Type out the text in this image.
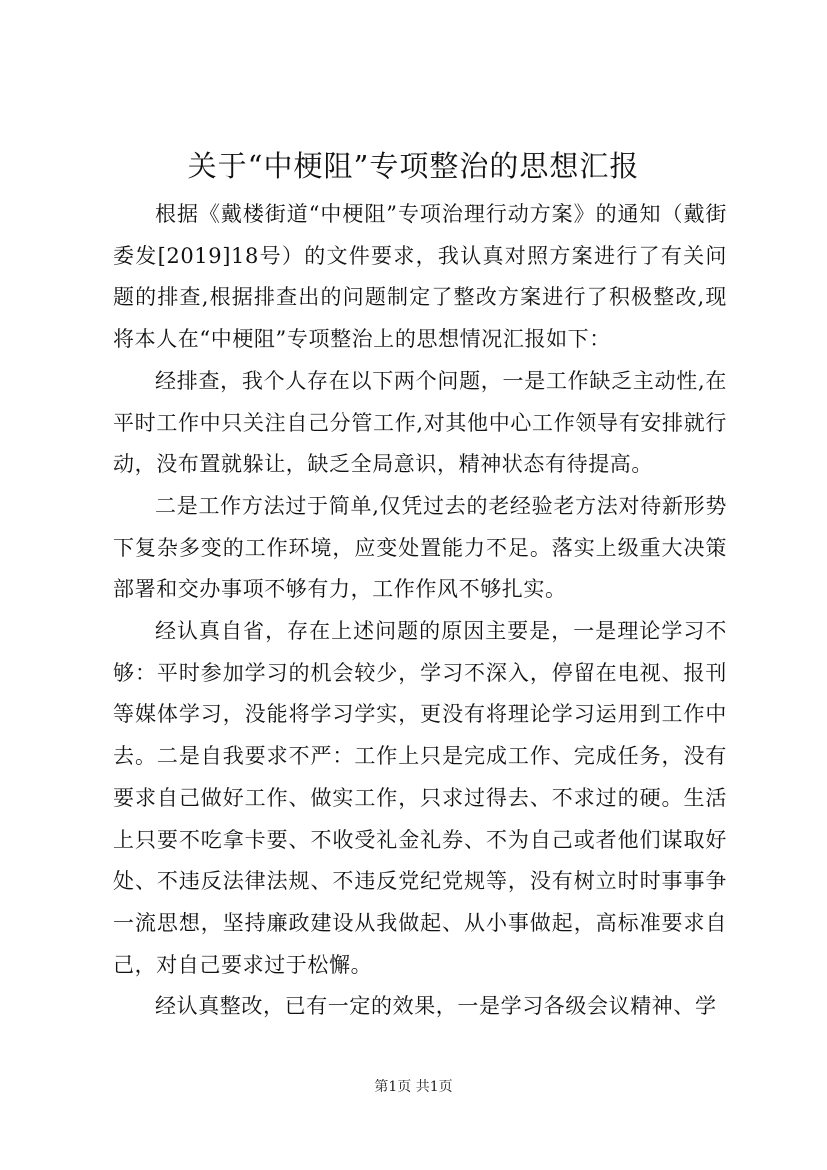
关于“中梗阻”专项整治的思想汇报

根据《戴楼街道“中梗阻”专项治理行动方案》的通知（戴街委发[2019]18号）的文件要求，我认真对照方案进行了有关问题的排查,根据排查出的问题制定了整改方案进行了积极整改,现将本人在“中梗阻”专项整治上的思想情况汇报如下：

经排查，我个人存在以下两个问题，一是工作缺乏主动性,在平时工作中只关注自己分管工作,对其他中心工作领导有安排就行动，没布置就躲让，缺乏全局意识，精神状态有待提高。

二是工作方法过于简单,仅凭过去的老经验老方法对待新形势下复杂多变的工作环境，应变处置能力不足。落实上级重大决策部署和交办事项不够有力，工作作风不够扎实。

经认真自省，存在上述问题的原因主要是，一是理论学习不够：平时参加学习的机会较少，学习不深入，停留在电视、报刊等媒体学习，没能将学习学实，更没有将理论学习运用到工作中去。二是自我要求不严：工作上只是完成工作、完成任务，没有要求自己做好工作、做实工作，只求过得去、不求过的硬。生活上只要不吃拿卡要、不收受礼金礼券、不为自己或者他们谋取好处、不违反法律法规、不违反党纪党规等，没有树立时时事事争一流思想，坚持廉政建设从我做起、从小事做起，高标准要求自己，对自己要求过于松懈。

经认真整改，已有一定的效果，一是学习各级会议精神、学

第1页 共1页
